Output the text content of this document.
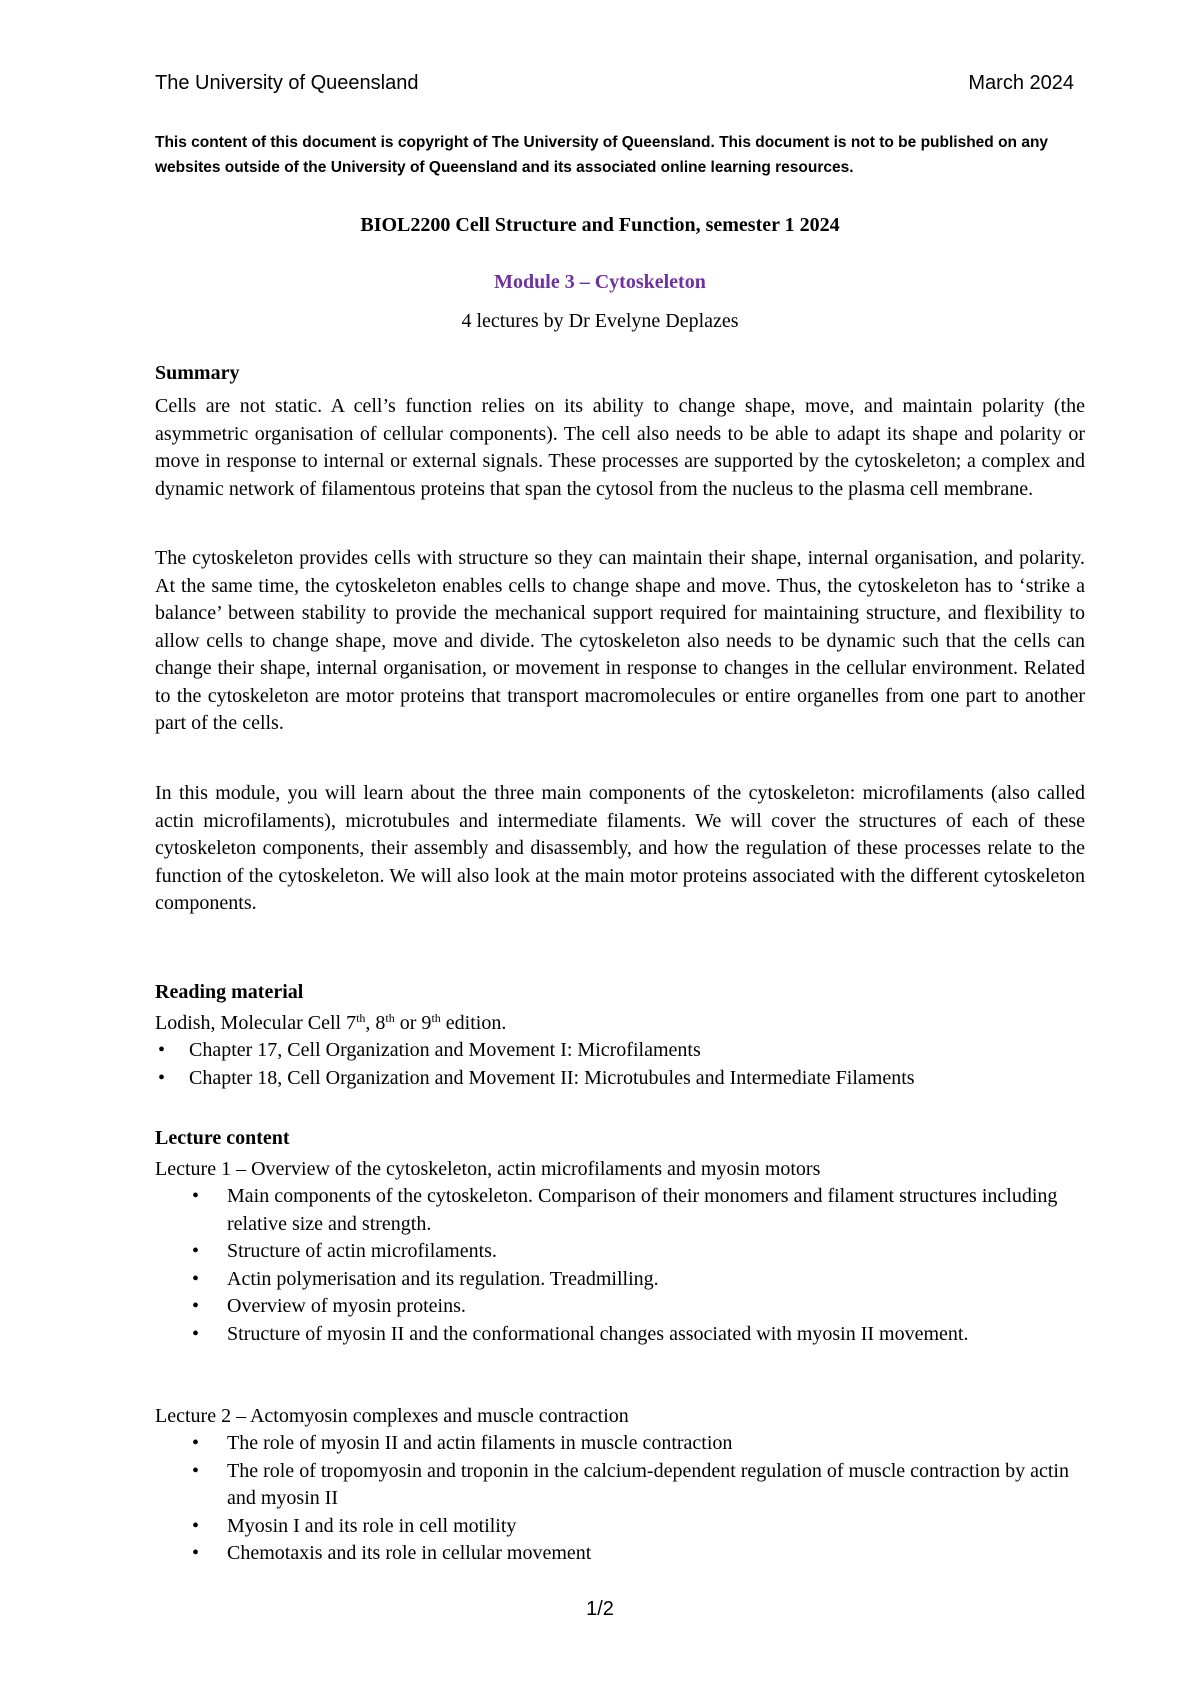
The University of Queensland	March 2024
This content of this document is copyright of The University of Queensland. This document is not to be published on any websites outside of the University of Queensland and its associated online learning resources.
BIOL2200 Cell Structure and Function, semester 1 2024
Module 3 – Cytoskeleton
4 lectures by Dr Evelyne Deplazes
Summary
Cells are not static. A cell’s function relies on its ability to change shape, move, and maintain polarity (the asymmetric organisation of cellular components). The cell also needs to be able to adapt its shape and polarity or move in response to internal or external signals. These processes are supported by the cytoskeleton; a complex and dynamic network of filamentous proteins that span the cytosol from the nucleus to the plasma cell membrane.
The cytoskeleton provides cells with structure so they can maintain their shape, internal organisation, and polarity. At the same time, the cytoskeleton enables cells to change shape and move. Thus, the cytoskeleton has to ‘strike a balance’ between stability to provide the mechanical support required for maintaining structure, and flexibility to allow cells to change shape, move and divide. The cytoskeleton also needs to be dynamic such that the cells can change their shape, internal organisation, or movement in response to changes in the cellular environment. Related to the cytoskeleton are motor proteins that transport macromolecules or entire organelles from one part to another part of the cells.
In this module, you will learn about the three main components of the cytoskeleton: microfilaments (also called actin microfilaments), microtubules and intermediate filaments. We will cover the structures of each of these cytoskeleton components, their assembly and disassembly, and how the regulation of these processes relate to the function of the cytoskeleton. We will also look at the main motor proteins associated with the different cytoskeleton components.
Reading material
Lodish, Molecular Cell 7th, 8th or 9th edition.
• Chapter 17, Cell Organization and Movement I: Microfilaments
• Chapter 18, Cell Organization and Movement II: Microtubules and Intermediate Filaments
Lecture content
Lecture 1 – Overview of the cytoskeleton, actin microfilaments and myosin motors
• Main components of the cytoskeleton. Comparison of their monomers and filament structures including relative size and strength.
• Structure of actin microfilaments.
• Actin polymerisation and its regulation. Treadmilling.
• Overview of myosin proteins.
• Structure of myosin II and the conformational changes associated with myosin II movement.
Lecture 2 – Actomyosin complexes and muscle contraction
• The role of myosin II and actin filaments in muscle contraction
• The role of tropomyosin and troponin in the calcium-dependent regulation of muscle contraction by actin and myosin II
• Myosin I and its role in cell motility
• Chemotaxis and its role in cellular movement
1/2
